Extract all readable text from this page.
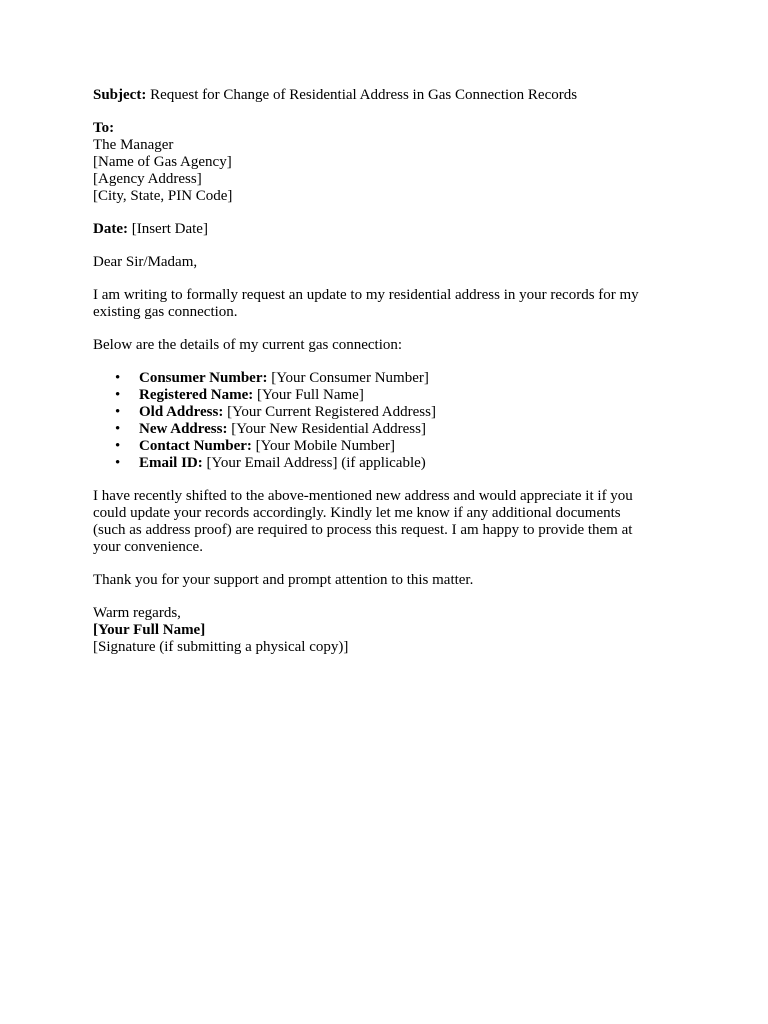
Subject: Request for Change of Residential Address in Gas Connection Records

To:
The Manager
[Name of Gas Agency]
[Agency Address]
[City, State, PIN Code]

Date: [Insert Date]

Dear Sir/Madam,

I am writing to formally request an update to my residential address in your records for my
existing gas connection.

Below are the details of my current gas connection:

• Consumer Number: [Your Consumer Number]
• Registered Name: [Your Full Name]
• Old Address: [Your Current Registered Address]
• New Address: [Your New Residential Address]
• Contact Number: [Your Mobile Number]
• Email ID: [Your Email Address] (if applicable)

I have recently shifted to the above-mentioned new address and would appreciate it if you
could update your records accordingly. Kindly let me know if any additional documents
(such as address proof) are required to process this request. I am happy to provide them at
your convenience.

Thank you for your support and prompt attention to this matter.

Warm regards,
[Your Full Name]
[Signature (if submitting a physical copy)]
